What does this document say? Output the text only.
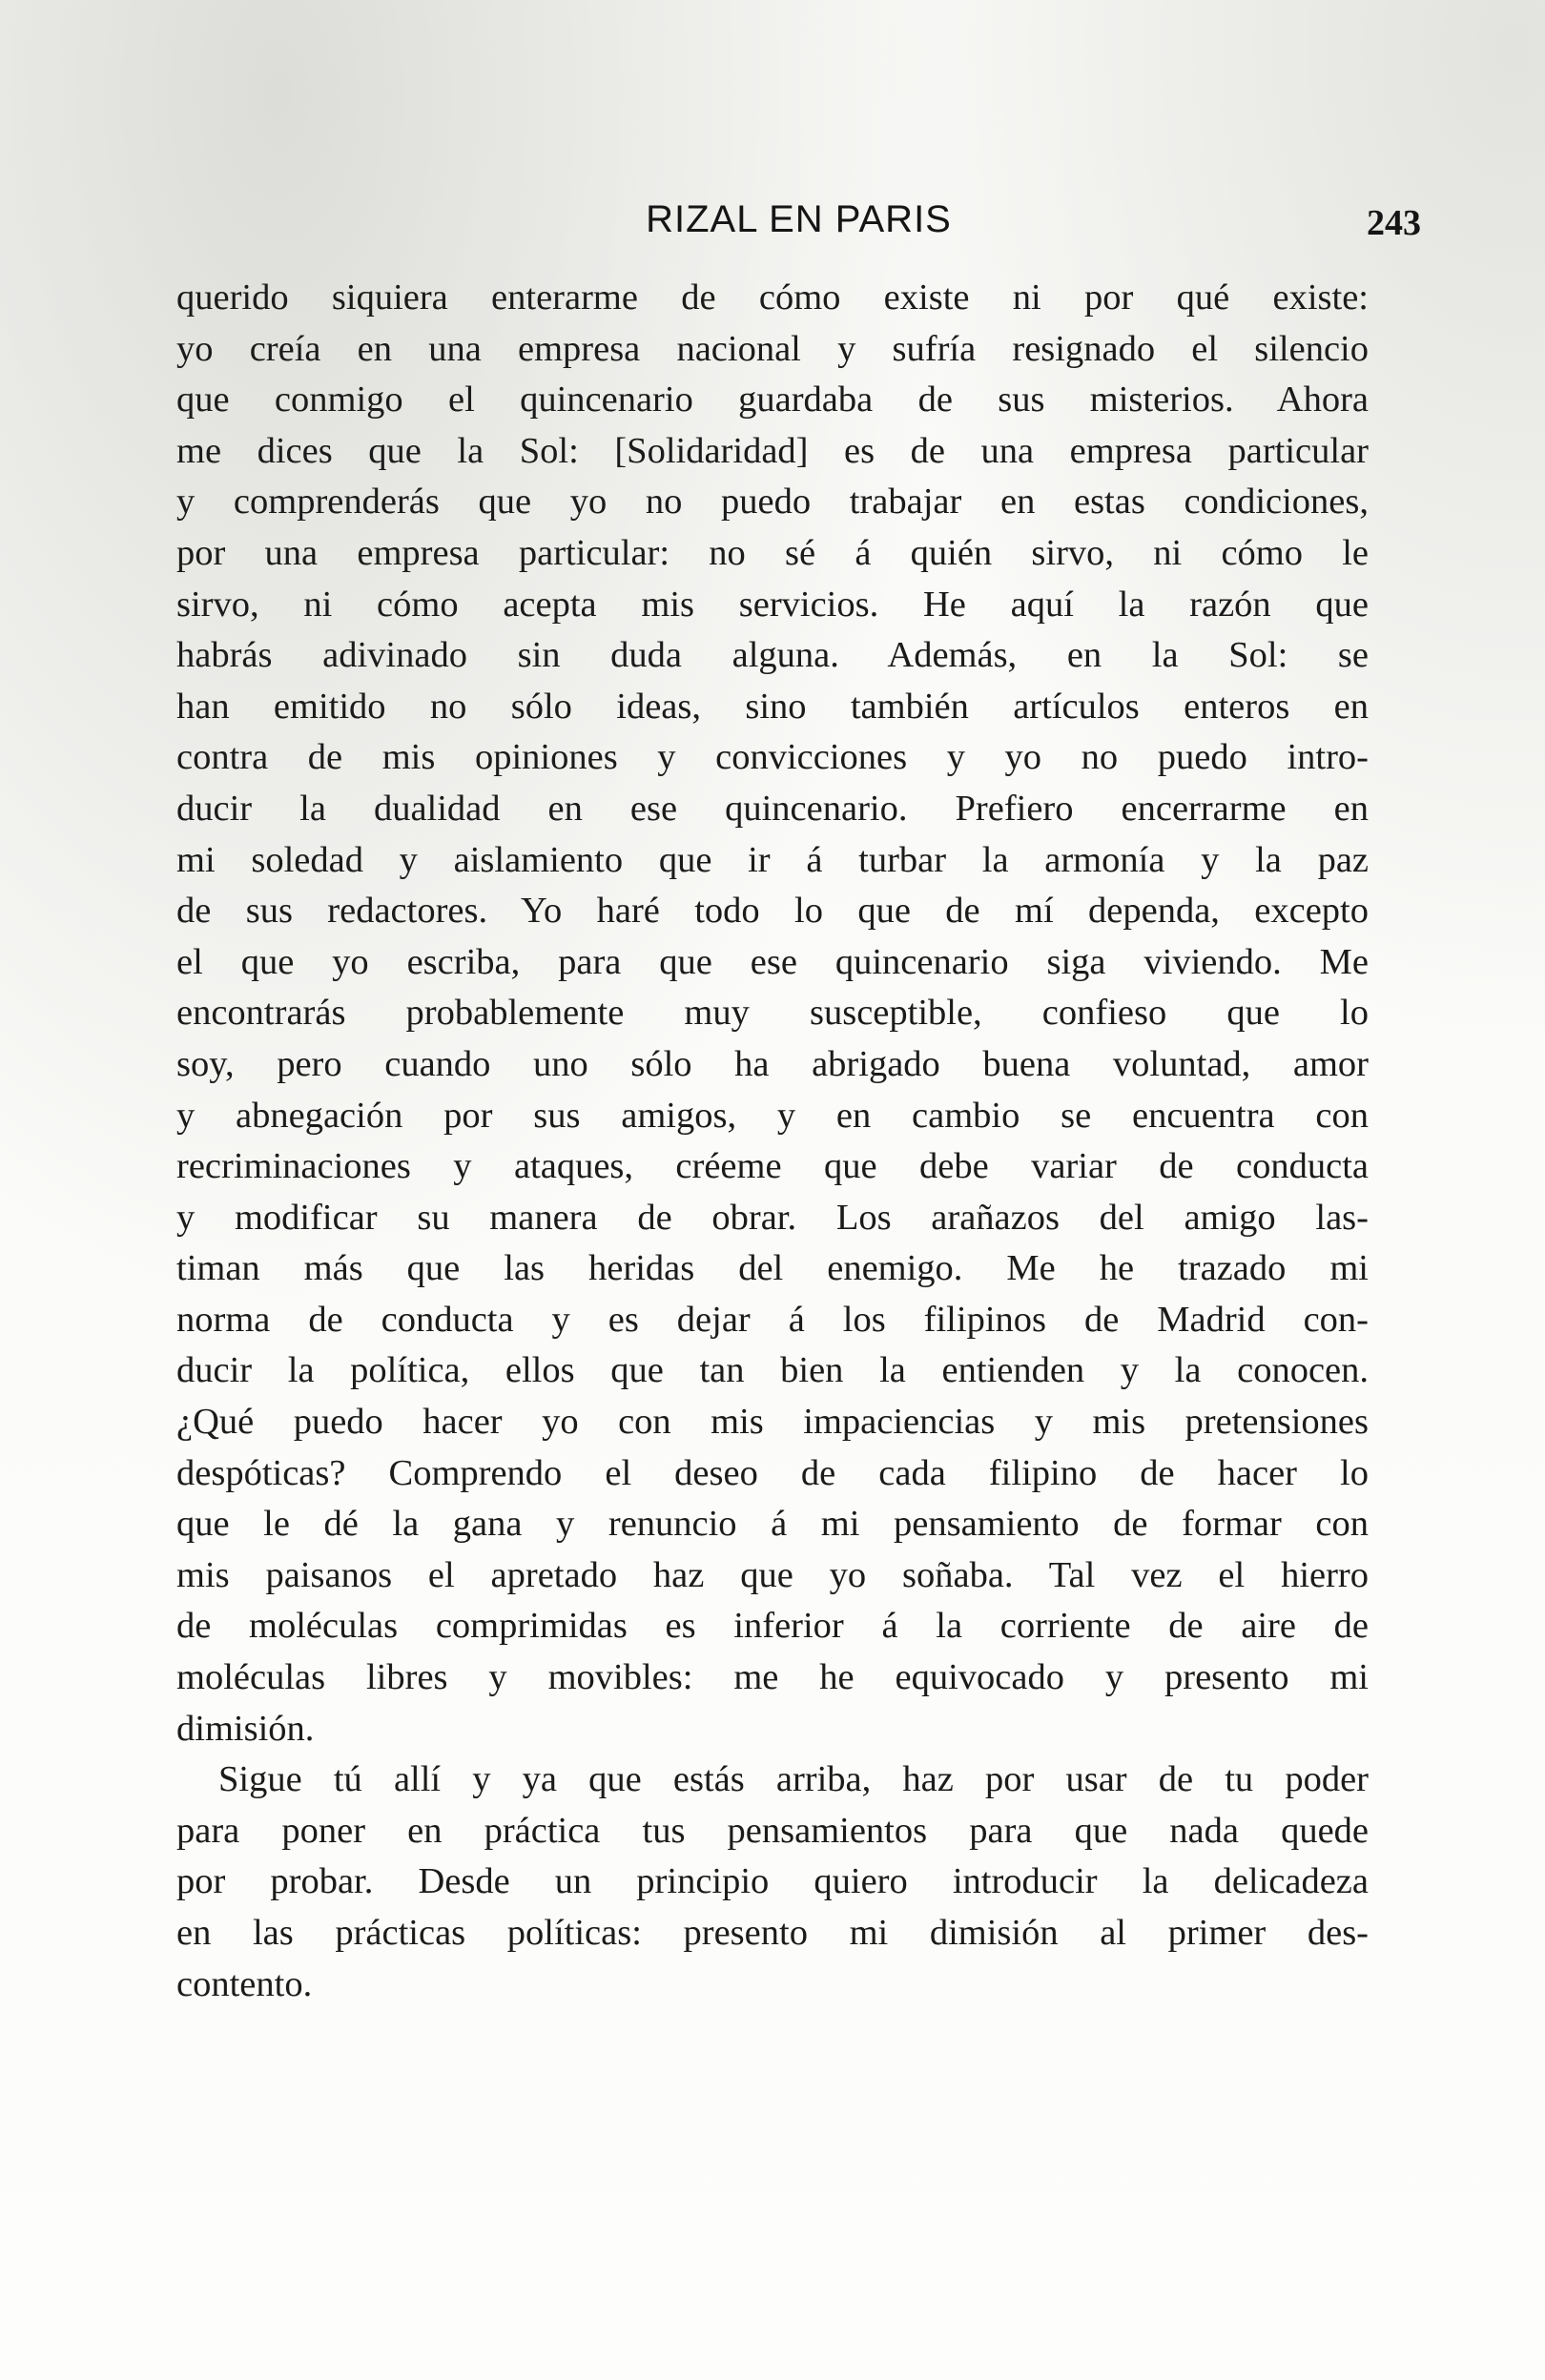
RIZAL EN PARIS	243

querido siquiera enterarme de cómo existe ni por qué existe:
yo creía en una empresa nacional y sufría resignado el silencio
que conmigo el quincenario guardaba de sus misterios. Ahora
me dices que la Sol: [Solidaridad] es de una empresa particular
y comprenderás que yo no puedo trabajar en estas condiciones,
por una empresa particular: no sé á quién sirvo, ni cómo le
sirvo, ni cómo acepta mis servicios. He aquí la razón que
habrás adivinado sin duda alguna. Además, en la Sol: se
han emitido no sólo ideas, sino también artículos enteros en
contra de mis opiniones y convicciones y yo no puedo intro-
ducir la dualidad en ese quincenario. Prefiero encerrarme en
mi soledad y aislamiento que ir á turbar la armonía y la paz
de sus redactores. Yo haré todo lo que de mí dependa, excepto
el que yo escriba, para que ese quincenario siga viviendo. Me
encontrarás probablemente muy susceptible, confieso que lo
soy, pero cuando uno sólo ha abrigado buena voluntad, amor
y abnegación por sus amigos, y en cambio se encuentra con
recriminaciones y ataques, créeme que debe variar de conducta
y modificar su manera de obrar. Los arañazos del amigo las-
timan más que las heridas del enemigo. Me he trazado mi
norma de conducta y es dejar á los filipinos de Madrid con-
ducir la política, ellos que tan bien la entienden y la conocen.
¿Qué puedo hacer yo con mis impaciencias y mis pretensiones
despóticas? Comprendo el deseo de cada filipino de hacer lo
que le dé la gana y renuncio á mi pensamiento de formar con
mis paisanos el apretado haz que yo soñaba. Tal vez el hierro
de moléculas comprimidas es inferior á la corriente de aire de
moléculas libres y movibles: me he equivocado y presento mi
dimisión.

Sigue tú allí y ya que estás arriba, haz por usar de tu poder
para poner en práctica tus pensamientos para que nada quede
por probar. Desde un principio quiero introducir la delicadeza
en las prácticas políticas: presento mi dimisión al primer des-
contento.
